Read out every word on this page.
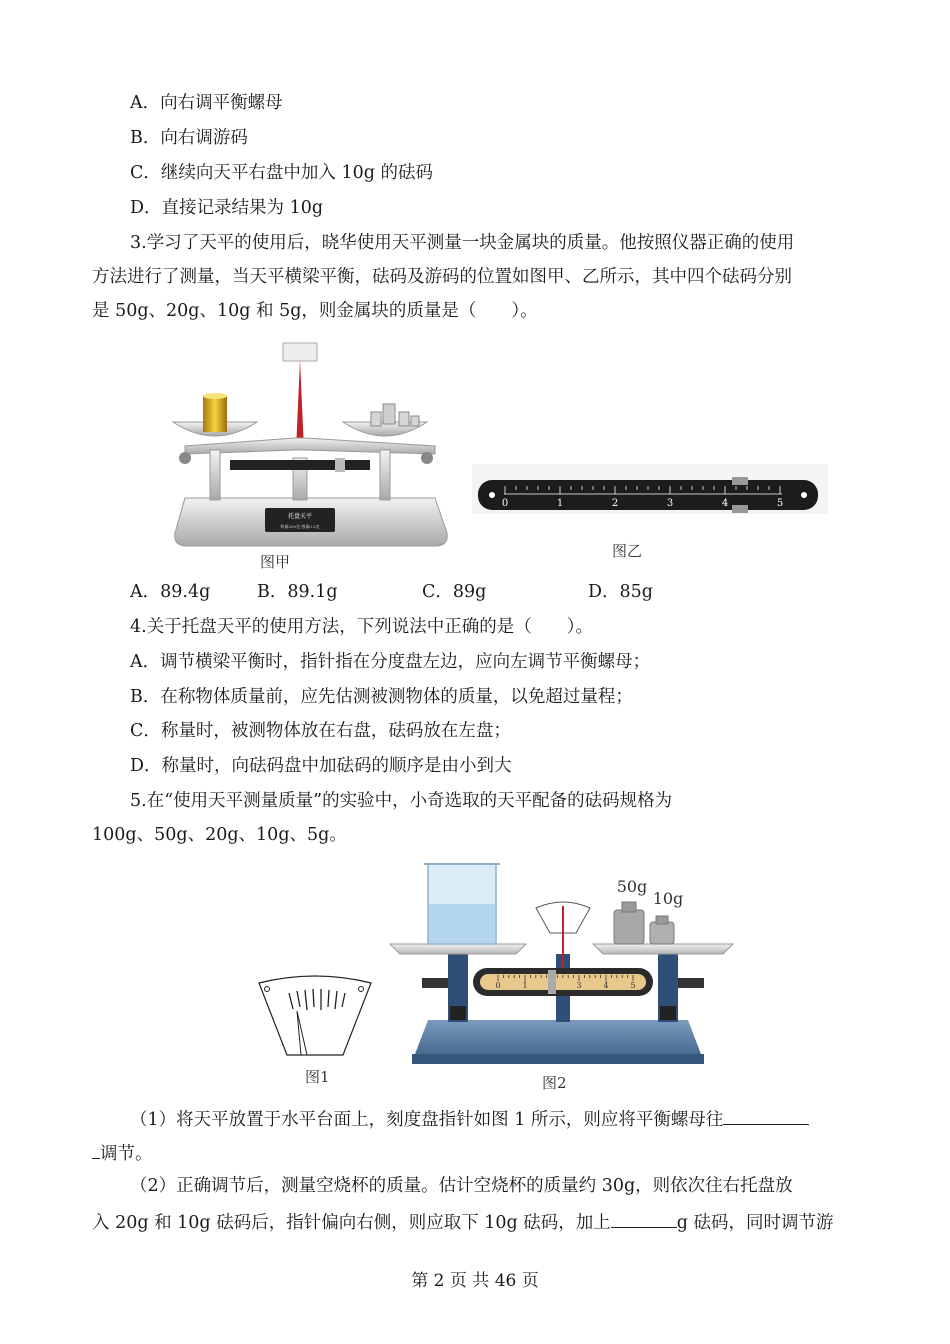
A．向右调平衡螺母
B．向右调游码
C．继续向天平右盘中加入 10g 的砝码
D．直接记录结果为 10g
3.学习了天平的使用后，晓华使用天平测量一块金属块的质量。他按照仪器正确的使用
方法进行了测量，当天平横梁平衡，砝码及游码的位置如图甲、乙所示，其中四个砝码分别
是 50g、20g、10g 和 5g，则金属块的质量是（　　）。
托盘天平
称量200克 感量0.2克
图甲
0	1	2	3	4	5
图乙
A．89.4g	B．89.1g	C．89g	D．85g
4.关于托盘天平的使用方法，下列说法中正确的是（　　）。
A．调节横梁平衡时，指针指在分度盘左边，应向左调节平衡螺母；
B．在称物体质量前，应先估测被测物体的质量，以免超过量程；
C．称量时，被测物体放在右盘，砝码放在左盘；
D．称量时，向砝码盘中加砝码的顺序是由小到大
5.在“使用天平测量质量”的实验中，小奇选取的天平配备的砝码规格为
100g、50g、20g、10g、5g。
图1
0	1	3	4	5
50g
10g
图2
（1）将天平放置于水平台面上，刻度盘指针如图 1 所示，则应将平衡螺母往
调节。
（2）正确调节后，测量空烧杯的质量。估计空烧杯的质量约 30g，则依次往右托盘放
入 20g 和 10g 砝码后，指针偏向右侧，则应取下 10g 砝码，加上	g 砝码，同时调节游
第 2 页 共 46 页
